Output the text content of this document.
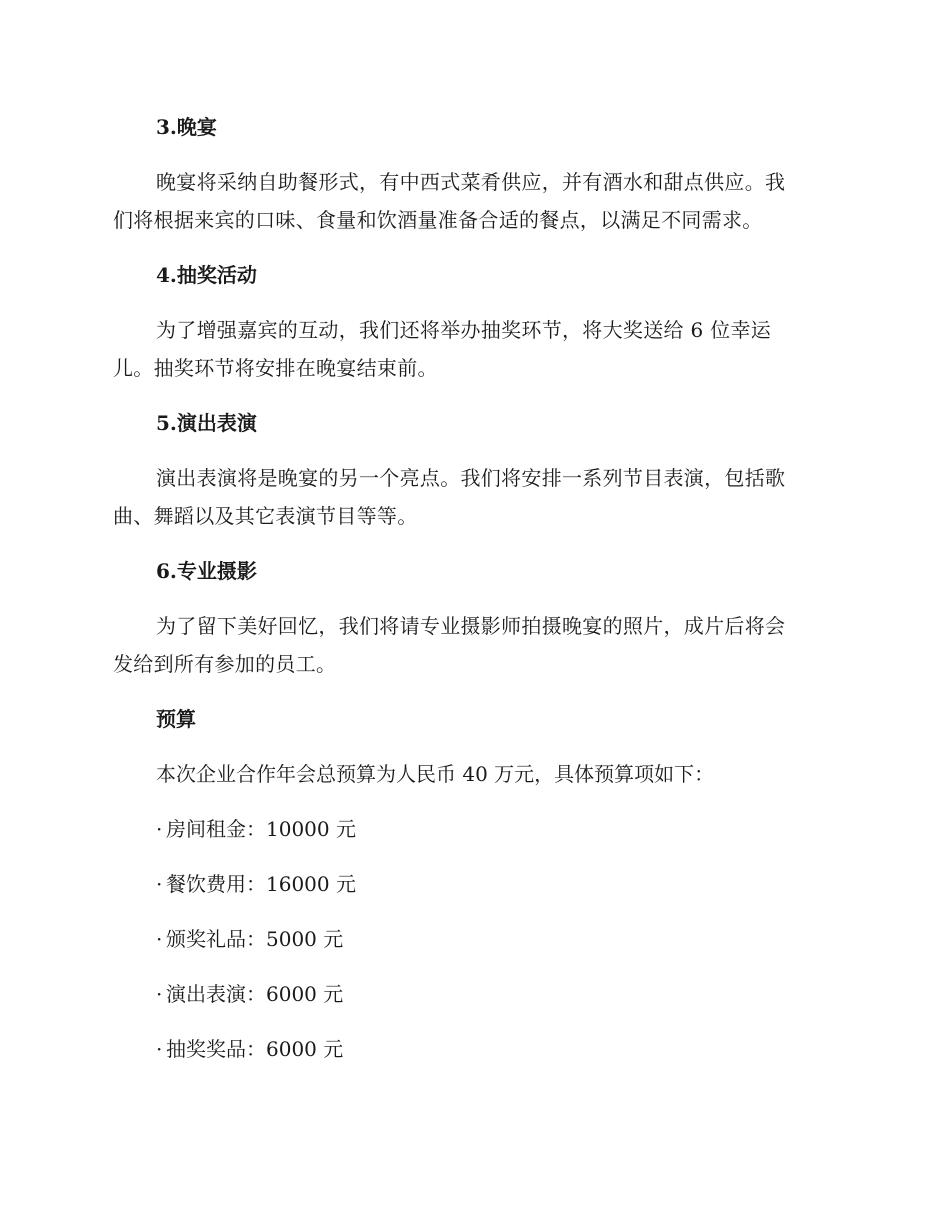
3.晚宴
晚宴将采纳自助餐形式，有中西式菜肴供应，并有酒水和甜点供应。我
们将根据来宾的口味、食量和饮酒量准备合适的餐点，以满足不同需求。
4.抽奖活动
为了增强嘉宾的互动，我们还将举办抽奖环节，将大奖送给 6 位幸运
儿。抽奖环节将安排在晚宴结束前。
5.演出表演
演出表演将是晚宴的另一个亮点。我们将安排一系列节目表演，包括歌
曲、舞蹈以及其它表演节目等等。
6.专业摄影
为了留下美好回忆，我们将请专业摄影师拍摄晚宴的照片，成片后将会
发给到所有参加的员工。
预算
本次企业合作年会总预算为人民币 40 万元，具体预算项如下：
· 房间租金：10000 元
· 餐饮费用：16000 元
· 颁奖礼品：5000 元
· 演出表演：6000 元
· 抽奖奖品：6000 元
